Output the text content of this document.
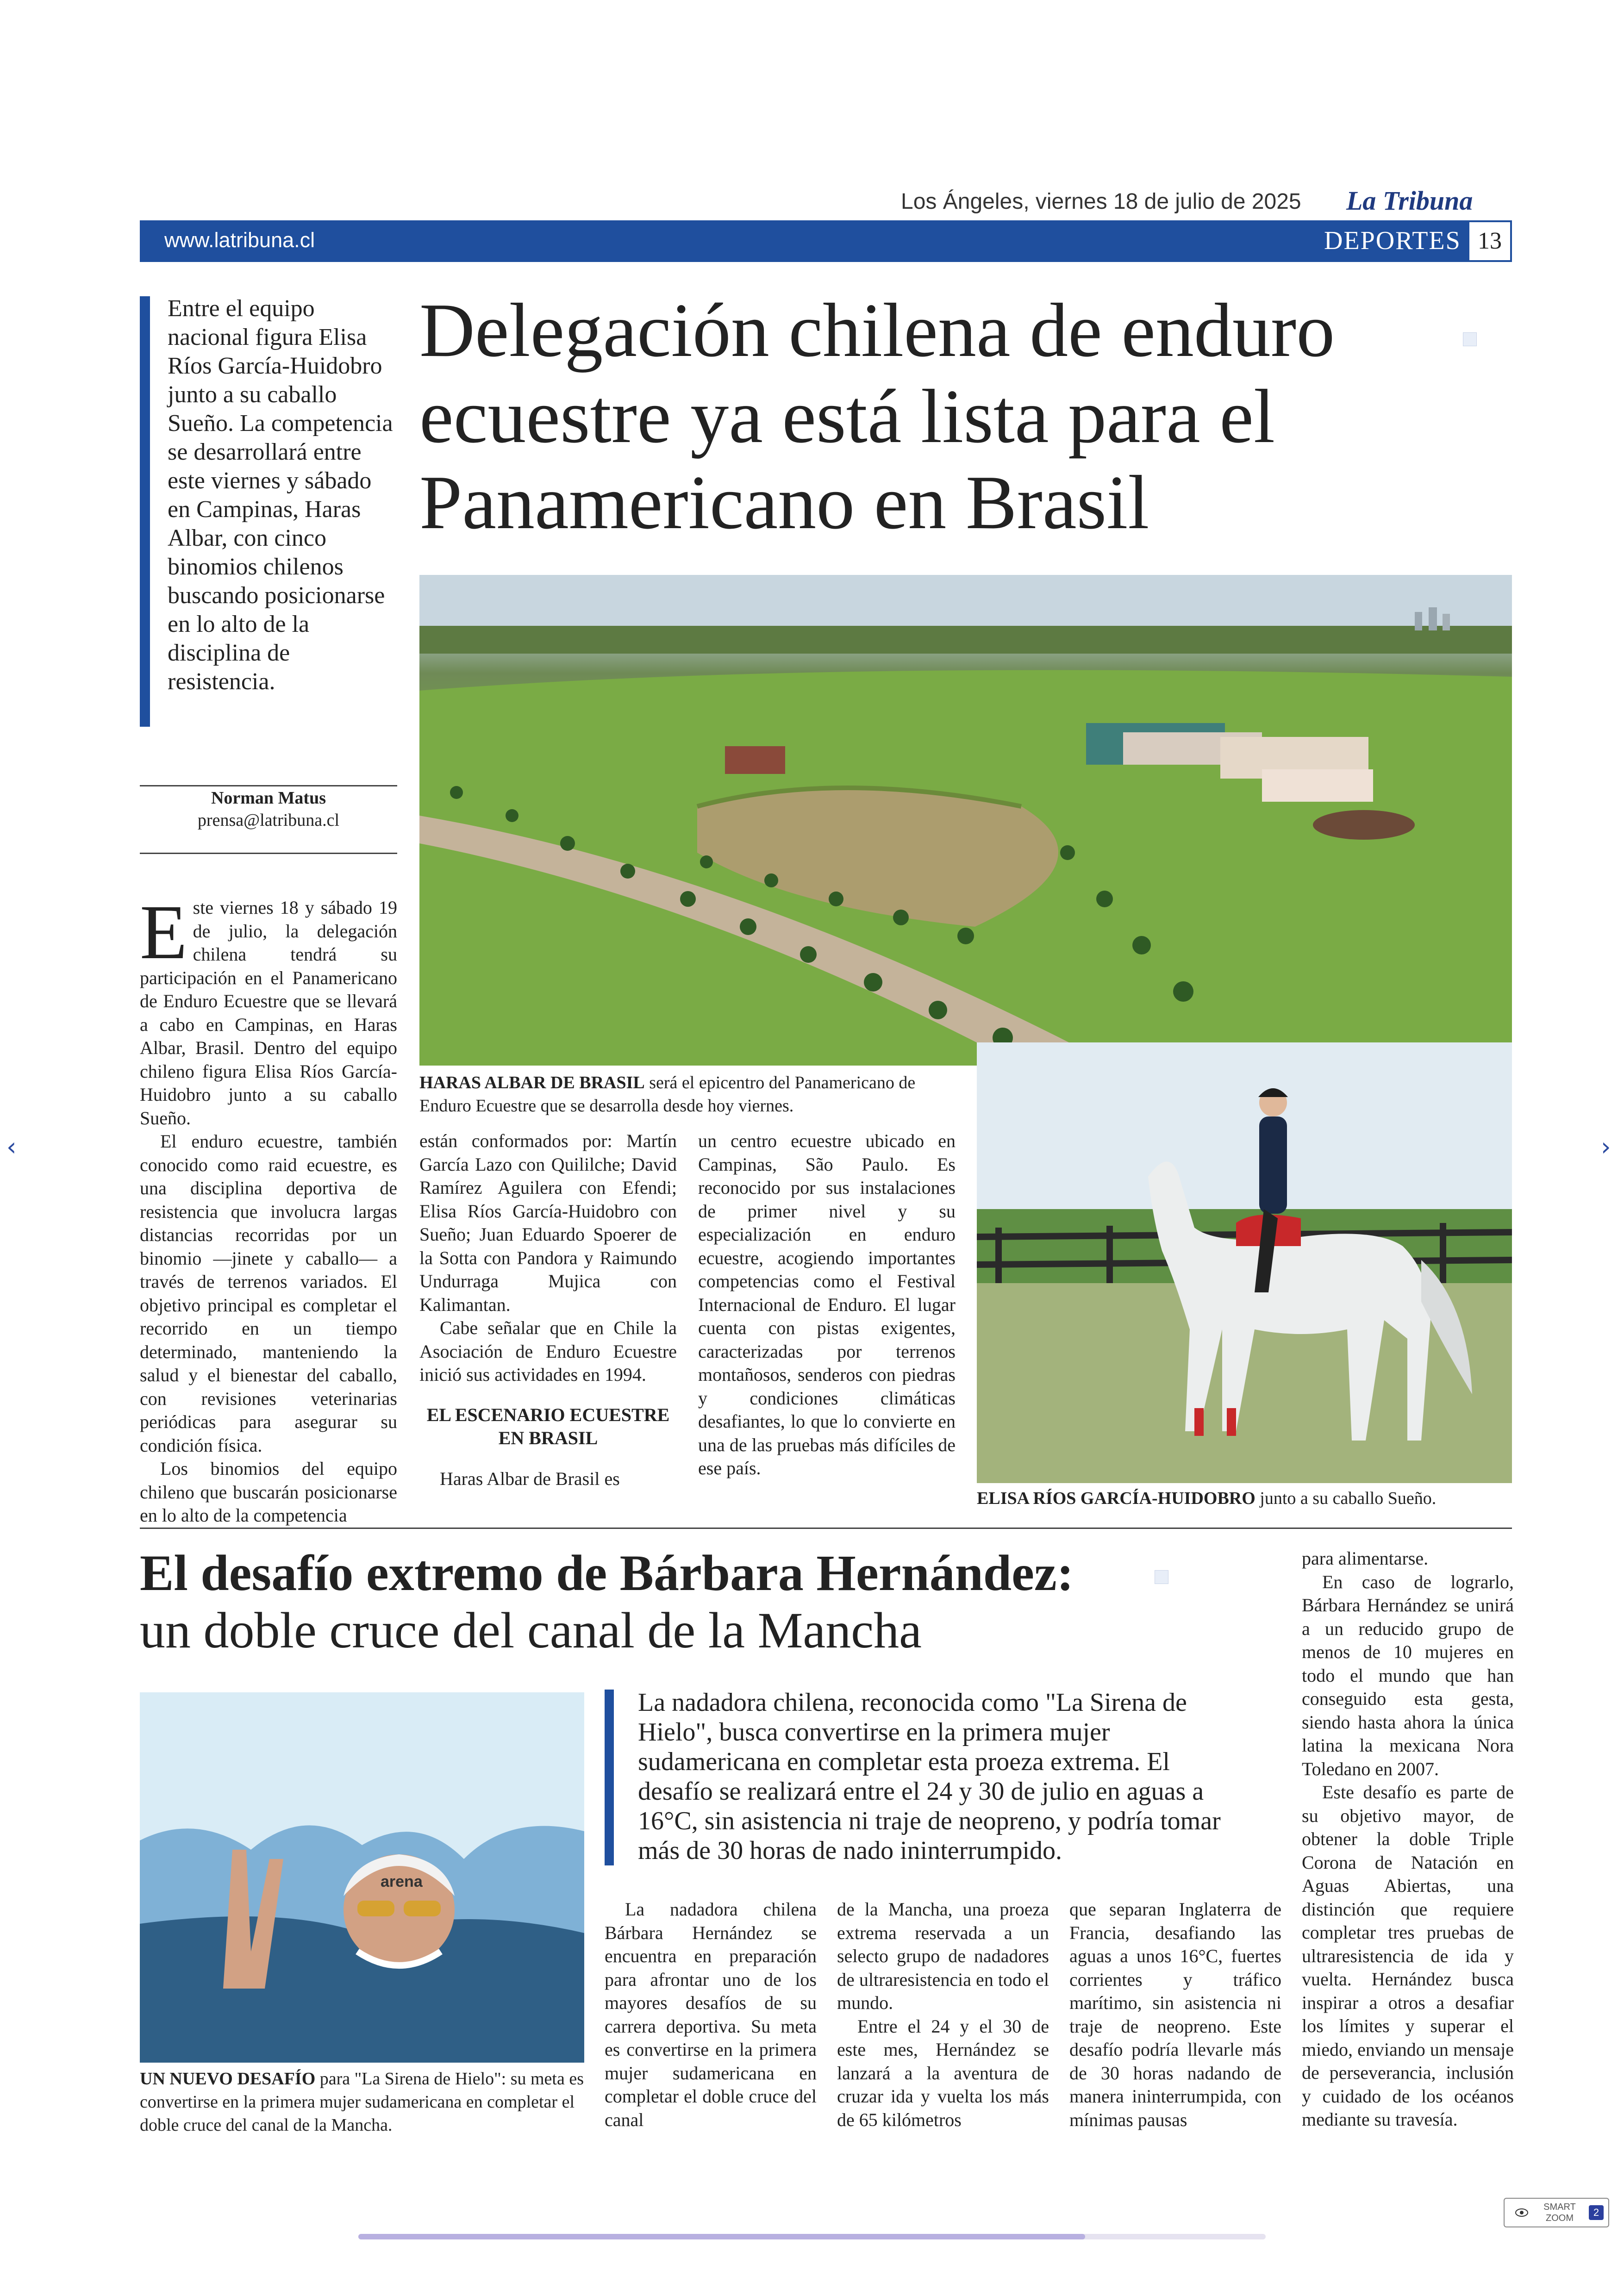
Los Ángeles, viernes 18 de julio de 2025 La Tribuna
www.latribuna.cl	DEPORTES 13
Entre el equipo nacional figura Elisa Ríos García-Huidobro junto a su caballo Sueño. La competencia se desarrollará entre este viernes y sábado en Campinas, Haras Albar, con cinco binomios chilenos buscando posicionarse en lo alto de la disciplina de resistencia.
Delegación chilena de enduro ecuestre ya está lista para el Panamericano en Brasil
Norman Matus
prensa@latribuna.cl
E ste viernes 18 y sábado 19 de julio, la delegación chilena tendrá su participación en el Panamericano de Enduro Ecuestre que se llevará a cabo en Campinas, en Haras Albar, Brasil. Dentro del equipo chileno figura Elisa Ríos García-Huidobro junto a su caballo Sueño.

El enduro ecuestre, también conocido como raid ecuestre, es una disciplina deportiva de resistencia que involucra largas distancias recorridas por un binomio —jinete y caballo— a través de terrenos variados. El objetivo principal es completar el recorrido en un tiempo determinado, manteniendo la salud y el bienestar del caballo, con revisiones veterinarias periódicas para asegurar su condición física.

Los binomios del equipo chileno que buscarán posicionarse en lo alto de la competencia

HARAS ALBAR DE BRASIL será el epicentro del Panamericano de Enduro Ecuestre que se desarrolla desde hoy viernes.
ELISA RÍOS GARCÍA-HUIDOBRO junto a su caballo Sueño.

están conformados por: Martín García Lazo con Quililche; David Ramírez Aguilera con Efendi; Elisa Ríos García-Huidobro con Sueño; Juan Eduardo Spoerer de la Sotta con Pandora y Raimundo Undurraga Mujica con Kalimantan.

Cabe señalar que en Chile la Asociación de Enduro Ecuestre inició sus actividades en 1994.

EL ESCENARIO ECUESTRE EN BRASIL

Haras Albar de Brasil es

un centro ecuestre ubicado en Campinas, São Paulo. Es reconocido por sus instalaciones de primer nivel y su especialización en enduro ecuestre, acogiendo importantes competencias como el Festival Internacional de Enduro. El lugar cuenta con pistas exigentes, caracterizadas por terrenos montañosos, senderos con piedras y condiciones climáticas desafiantes, lo que lo convierte en una de las pruebas más difíciles de ese país.

El desafío extremo de Bárbara Hernández:
un doble cruce del canal de la Mancha
arena
UN NUEVO DESAFÍO para "La Sirena de Hielo": su meta es convertirse en la primera mujer sudamericana en completar el doble cruce del canal de la Mancha.
La nadadora chilena, reconocida como "La Sirena de Hielo", busca convertirse en la primera mujer sudamericana en completar esta proeza extrema. El desafío se realizará entre el 24 y 30 de julio en aguas a 16°C, sin asistencia ni traje de neopreno, y podría tomar más de 30 horas de nado ininterrumpido.

La nadadora chilena Bárbara Hernández se encuentra en preparación para afrontar uno de los mayores desafíos de su carrera deportiva. Su meta es convertirse en la primera mujer sudamericana en completar el doble cruce del canal

de la Mancha, una proeza extrema reservada a un selecto grupo de nadadores de ultraresistencia en todo el mundo.

Entre el 24 y el 30 de este mes, Hernández se lanzará a la aventura de cruzar ida y vuelta los más de 65 kilómetros

que separan Inglaterra de Francia, desafiando las aguas a unos 16°C, fuertes corrientes y tráfico marítimo, sin asistencia ni traje de neopreno. Este desafío podría llevarle más de 30 horas nadando de manera ininterrumpida, con mínimas pausas

para alimentarse.

En caso de lograrlo, Bárbara Hernández se unirá a un reducido grupo de menos de 10 mujeres en todo el mundo que han conseguido esta gesta, siendo hasta ahora la única latina la mexicana Nora Toledano en 2007.

Este desafío es parte de su objetivo mayor, de obtener la doble Triple Corona de Natación en Aguas Abiertas, una distinción que requiere completar tres pruebas de ultraresistencia de ida y vuelta. Hernández busca inspirar a otros a desafiar los límites y superar el miedo, enviando un mensaje de perseverancia, inclusión y cuidado de los océanos mediante su travesía.

‹	›
SMART
ZOOM	2
